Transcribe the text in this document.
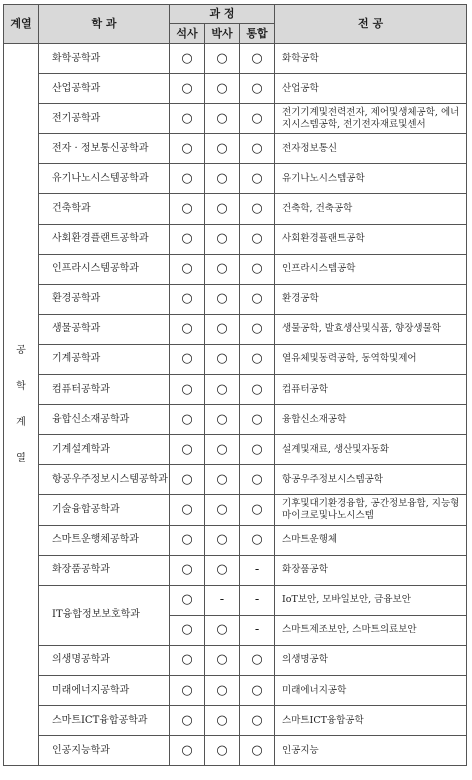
계열	학 과	과 정			전 공
		석사	박사	통합	

공
학
계
열	화학공학과	○	○	○	화학공학
	산업공학과	○	○	○	산업공학
	전기공학과	○	○	○	전기기계및전력전자, 제어및생체공학, 에너지시스템공학, 전기전자재료및센서
	전자 · 정보통신공학과	○	○	○	전자정보통신
	유기나노시스템공학과	○	○	○	유기나노시스템공학
	건축학과	○	○	○	건축학, 건축공학
	사회환경플랜트공학과	○	○	○	사회환경플랜트공학
	인프라시스템공학과	○	○	○	인프라시스템공학
	환경공학과	○	○	○	환경공학
	생물공학과	○	○	○	생물공학, 발효생산및식품, 향장생물학
	기계공학과	○	○	○	열유체및동력공학, 동역학및제어
	컴퓨터공학과	○	○	○	컴퓨터공학
	융합신소재공학과	○	○	○	융합신소재공학
	기계설계학과	○	○	○	설계및재료, 생산및자동화
	항공우주정보시스템공학과	○	○	○	항공우주정보시스템공학
	기술융합공학과	○	○	○	기후및대기환경융합, 공간정보융합, 지능형마이크로및나노시스템
	스마트운행체공학과	○	○	○	스마트운행체
	화장품공학과	○	○	-	화장품공학
	IT융합정보보호학과	○	-	-	IoT보안, 모바일보안, 금융보안
		○	○	-	스마트제조보안, 스마트의료보안
	의생명공학과	○	○	○	의생명공학
	미래에너지공학과	○	○	○	미래에너지공학
	스마트ICT융합공학과	○	○	○	스마트ICT융합공학
	인공지능학과	○	○	○	인공지능
